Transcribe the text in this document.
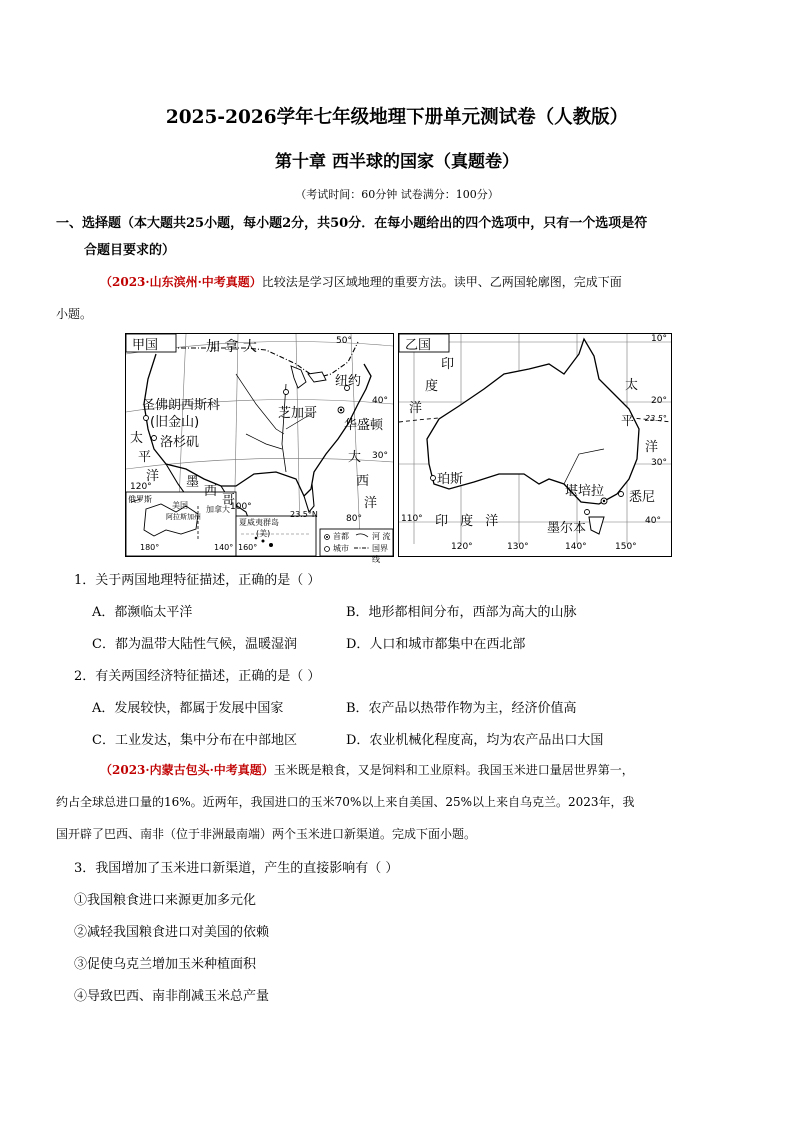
2025-2026学年七年级地理下册单元测试卷（人教版）
第十章 西半球的国家（真题卷）
（考试时间：60分钟 试卷满分：100分）
一、选择题（本大题共25小题，每小题2分，共50分．在每小题给出的四个选项中，只有一个选项是符
合题目要求的）
（2023·山东滨州·中考真题）比较法是学习区域地理的重要方法。读甲、乙两国轮廓图，完成下面
小题。
甲国	加 拿 大
圣佛朗西斯科
(旧金山)
洛杉矶
芝加哥
纽约
华盛顿
太
平
洋
大
西
洋
墨
西
哥
俄罗斯
美国
阿拉斯加州
加拿大
夏威夷群岛
(美)
50°
40°
30°
23.5°N
120°
100°
80°
180°	140° 160°
首都
城市
河 流
国界线
乙国
印
度
洋
印 度 洋
太
平
洋
珀斯
堪培拉 悉尼
墨尔本
10°
20°
23.5°
30°
40°
110°
120°	130°	140°	150°
1．关于两国地理特征描述，正确的是（ ）
A．都濒临太平洋	B．地形都相间分布，西部为高大的山脉
C．都为温带大陆性气候，温暖湿润	D．人口和城市都集中在西北部
2．有关两国经济特征描述，正确的是（ ）
A．发展较快，都属于发展中国家	B．农产品以热带作物为主，经济价值高
C．工业发达，集中分布在中部地区	D．农业机械化程度高，均为农产品出口大国
（2023·内蒙古包头·中考真题）玉米既是粮食，又是饲料和工业原料。我国玉米进口量居世界第一，
约占全球总进口量的16%。近两年，我国进口的玉米70%以上来自美国、25%以上来自乌克兰。2023年，我
国开辟了巴西、南非（位于非洲最南端）两个玉米进口新渠道。完成下面小题。
3．我国增加了玉米进口新渠道，产生的直接影响有（ ）
①我国粮食进口来源更加多元化
②减轻我国粮食进口对美国的依赖
③促使乌克兰增加玉米种植面积
④导致巴西、南非削减玉米总产量
